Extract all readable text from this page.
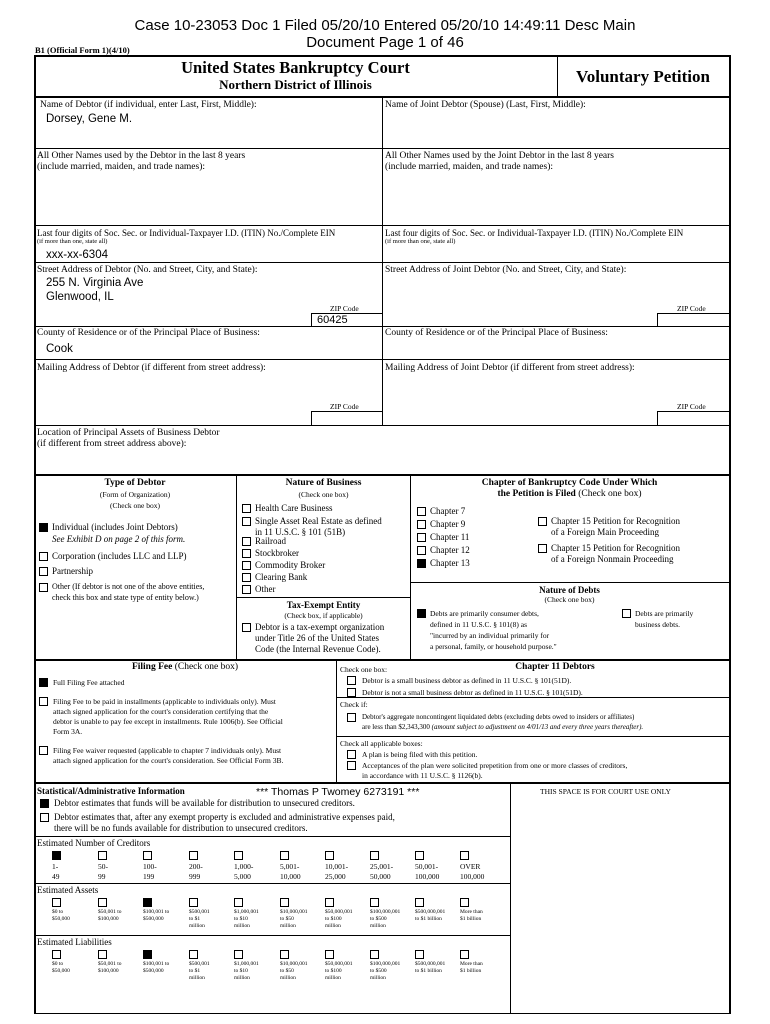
Case 10-23053 Doc 1 Filed 05/20/10 Entered 05/20/10 14:49:11 Desc Main
Document Page 1 of 46
B1 (Official Form 1)(4/10)
United States Bankruptcy Court
Northern District of Illinois	Voluntary Petition
Name of Debtor (if individual, enter Last, First, Middle):
Dorsey, Gene M.
Name of Joint Debtor (Spouse) (Last, First, Middle):
All Other Names used by the Debtor in the last 8 years
(include married, maiden, and trade names):
All Other Names used by the Joint Debtor in the last 8 years
(include married, maiden, and trade names):
Last four digits of Soc. Sec. or Individual-Taxpayer I.D. (ITIN) No./Complete EIN
(if more than one, state all)
xxx-xx-6304
Last four digits of Soc. Sec. or Individual-Taxpayer I.D. (ITIN) No./Complete EIN
(if more than one, state all)
Street Address of Debtor (No. and Street, City, and State):
255 N. Virginia Ave
Glenwood, IL
ZIP Code
60425
Street Address of Joint Debtor (No. and Street, City, and State):
ZIP Code
County of Residence or of the Principal Place of Business:
Cook
County of Residence or of the Principal Place of Business:
Mailing Address of Debtor (if different from street address):
ZIP Code
Mailing Address of Joint Debtor (if different from street address):
ZIP Code
Location of Principal Assets of Business Debtor
(if different from street address above):
Type of Debtor
(Form of Organization)
(Check one box)
Individual (includes Joint Debtors)
See Exhibit D on page 2 of this form.
Corporation (includes LLC and LLP)
Partnership
Other (If debtor is not one of the above entities,
check this box and state type of entity below.)
Nature of Business
(Check one box)
Health Care Business
Single Asset Real Estate as defined
in 11 U.S.C. § 101 (51B)
Railroad
Stockbroker
Commodity Broker
Clearing Bank
Other
Tax-Exempt Entity
(Check box, if applicable)
Debtor is a tax-exempt organization
under Title 26 of the United States
Code (the Internal Revenue Code).
Chapter of Bankruptcy Code Under Which
the Petition is Filed (Check one box)
Chapter 7
Chapter 9
Chapter 11
Chapter 12
Chapter 13
Chapter 15 Petition for Recognition
of a Foreign Main Proceeding
Chapter 15 Petition for Recognition
of a Foreign Nonmain Proceeding
Nature of Debts
(Check one box)
Debts are primarily consumer debts,
defined in 11 U.S.C. § 101(8) as
"incurred by an individual primarily for
a personal, family, or household purpose."
Debts are primarily
business debts.
Filing Fee (Check one box)
Full Filing Fee attached
Filing Fee to be paid in installments (applicable to individuals only). Must
attach signed application for the court's consideration certifying that the
debtor is unable to pay fee except in installments. Rule 1006(b). See Official
Form 3A.
Filing Fee waiver requested (applicable to chapter 7 individuals only). Must
attach signed application for the court's consideration. See Official Form 3B.
Check one box:	Chapter 11 Debtors
Debtor is a small business debtor as defined in 11 U.S.C. § 101(51D).
Debtor is not a small business debtor as defined in 11 U.S.C. § 101(51D).
Check if:
Debtor's aggregate noncontingent liquidated debts (excluding debts owed to insiders or affiliates)
are less than $2,343,300 (amount subject to adjustment on 4/01/13 and every three years thereafter).
Check all applicable boxes:
A plan is being filed with this petition.
Acceptances of the plan were solicited prepetition from one or more classes of creditors,
in accordance with 11 U.S.C. § 1126(b).
Statistical/Administrative Information	*** Thomas P Twomey 6273191 ***	THIS SPACE IS FOR COURT USE ONLY
Debtor estimates that funds will be available for distribution to unsecured creditors.
Debtor estimates that, after any exempt property is excluded and administrative expenses paid,
there will be no funds available for distribution to unsecured creditors.
Estimated Number of Creditors
1-
49
50-
99
100-
199
200-
999
1,000-
5,000
5,001-
10,000
10,001-
25,000
25,001-
50,000
50,001-
100,000
OVER
100,000
Estimated Assets
$0 to
$50,000
$50,001 to
$100,000
$100,001 to
$500,000
$500,001
to $1
million
$1,000,001
to $10
million
$10,000,001
to $50
million
$50,000,001
to $100
million
$100,000,001
to $500
million
$500,000,001
to $1 billion
More than
$1 billion
Estimated Liabilities
$0 to
$50,000
$50,001 to
$100,000
$100,001 to
$500,000
$500,001
to $1
million
$1,000,001
to $10
million
$10,000,001
to $50
million
$50,000,001
to $100
million
$100,000,001
to $500
million
$500,000,001
to $1 billion
More than
$1 billion
